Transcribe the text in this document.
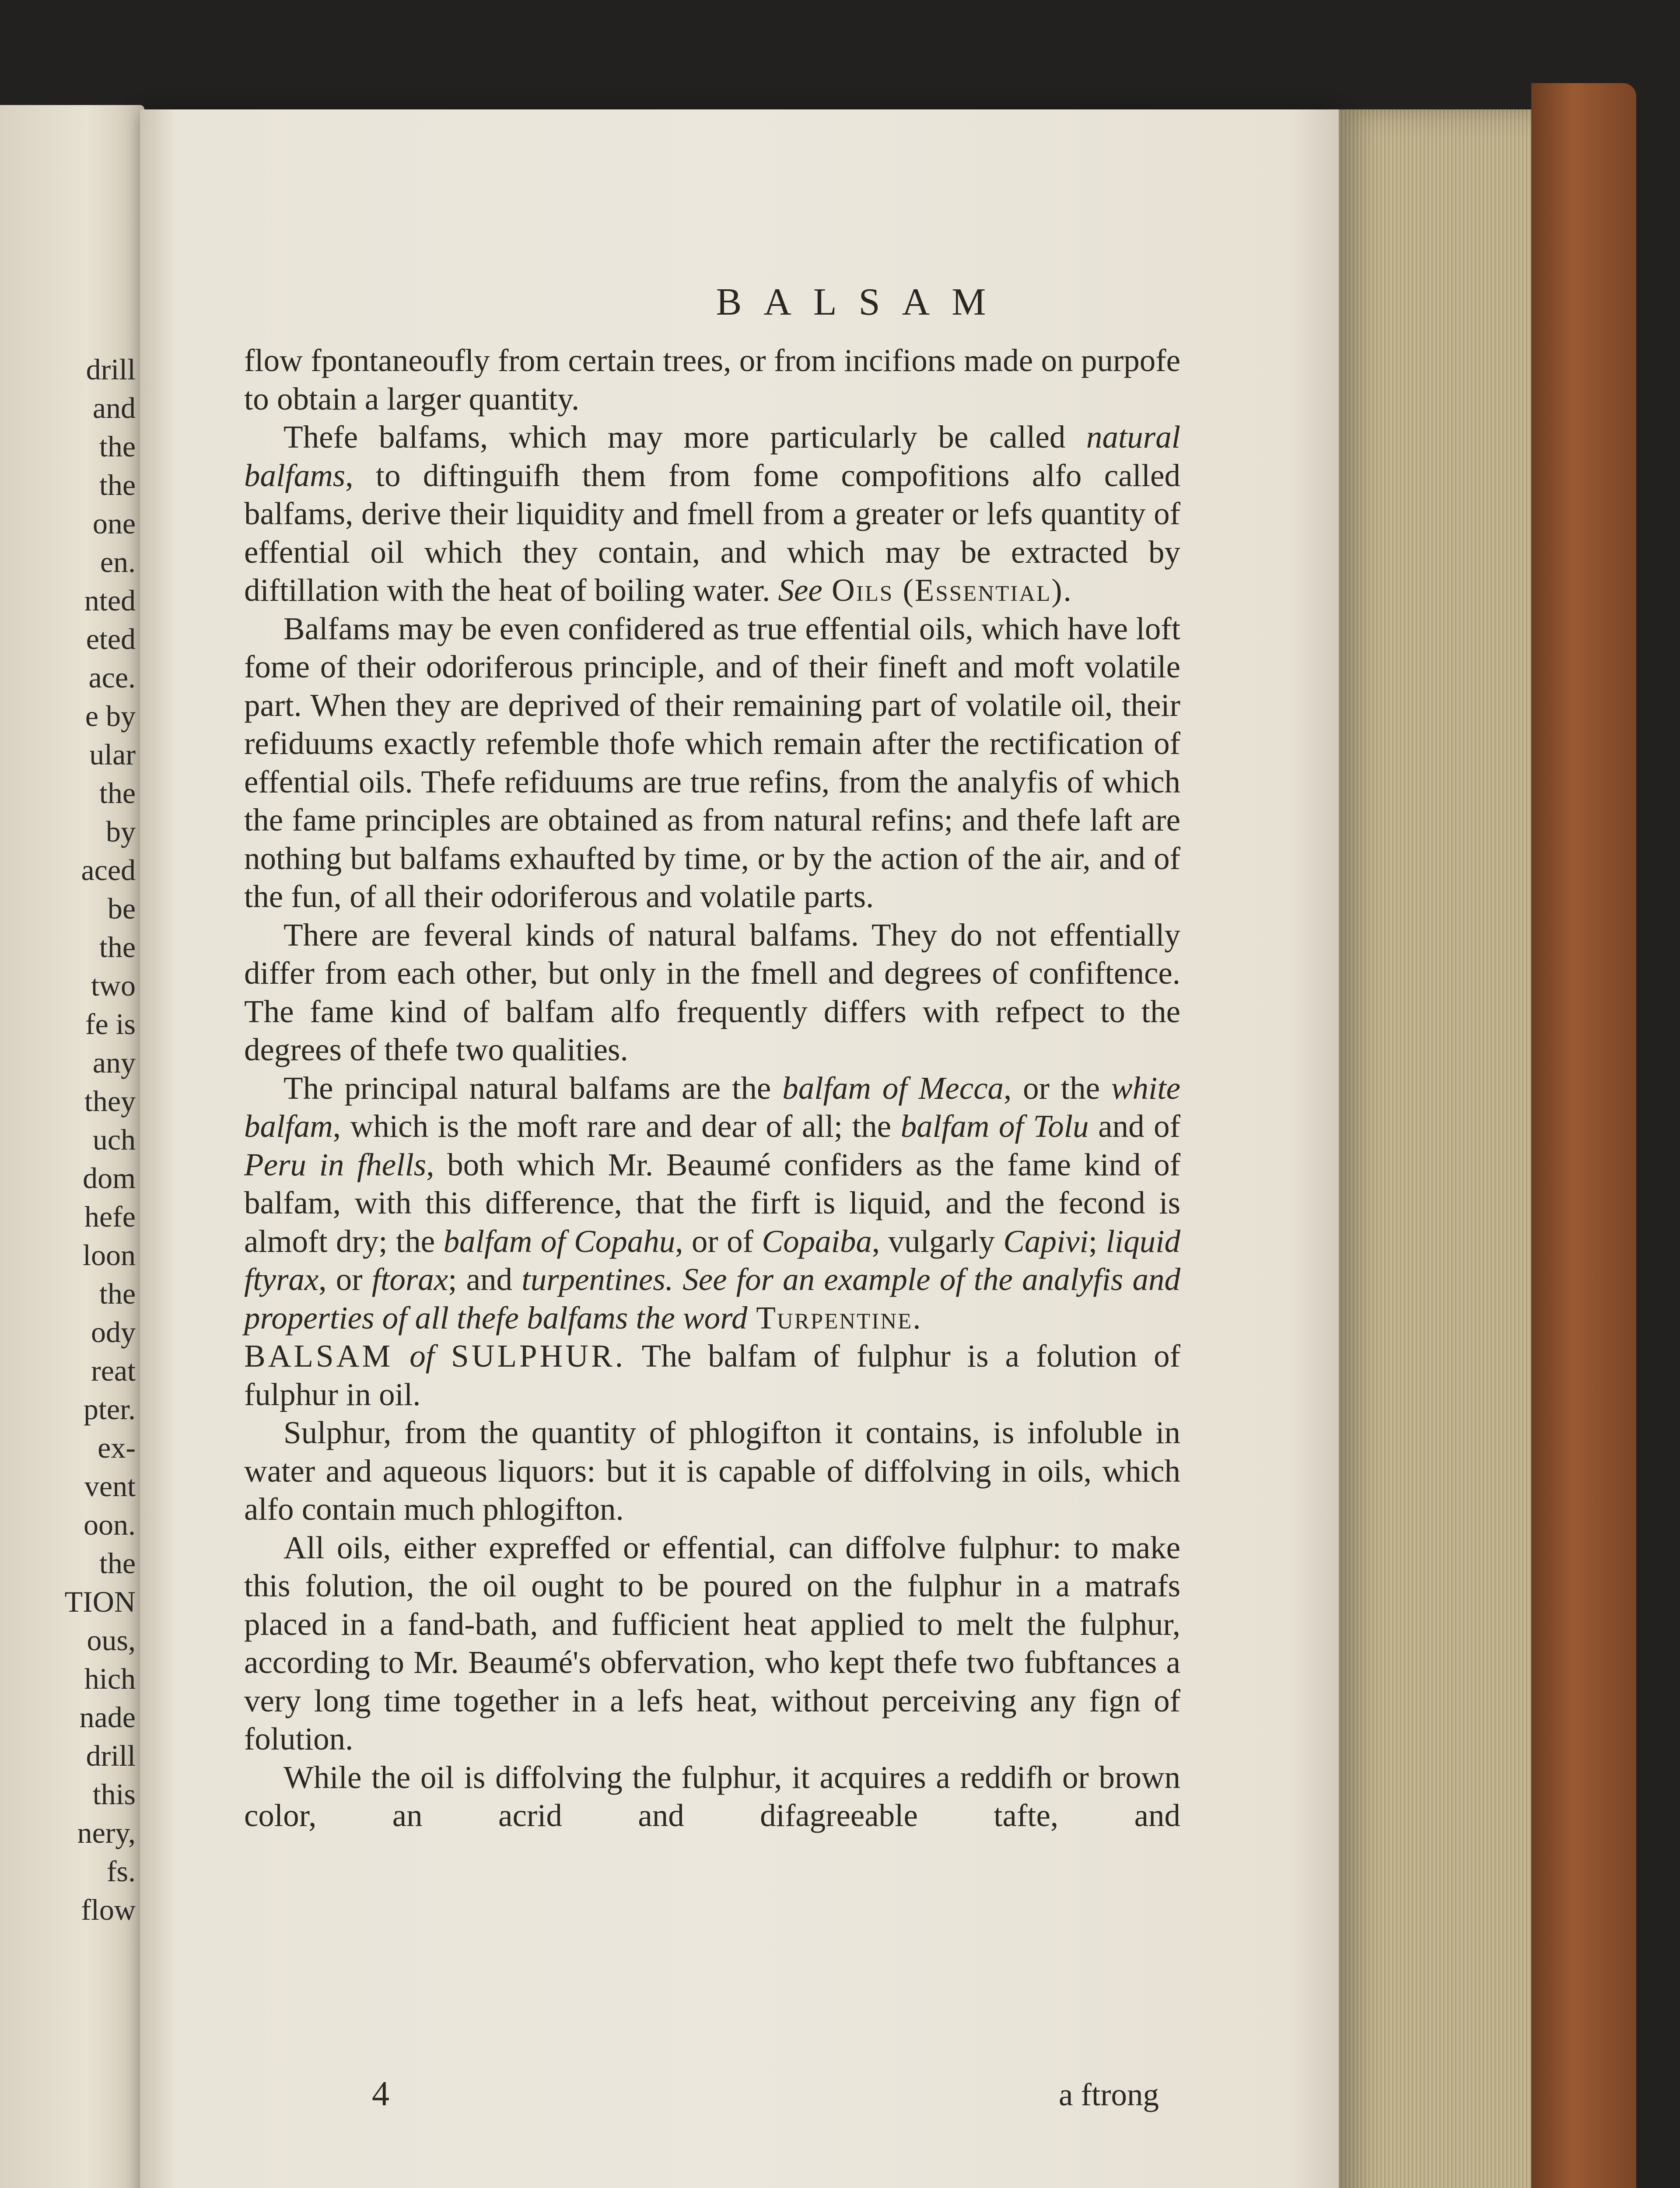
drill
and
the
the
one
en.
nted
eted
ace.
e by
ular
the
by
aced
be
the
two
fe is
any
they
uch
dom
hefe
loon
the
ody
reat
pter.
ex-
vent
oon.
the
TION
ous,
hich
nade
drill
this
nery,
fs.
flow
BALSAM

flow fpontaneoufly from certain trees, or from incifions made on purpofe to obtain a larger quantity.

Thefe balfams, which may more particularly be called natural balfams, to diftinguifh them from fome compofitions alfo called balfams, derive their liquidity and fmell from a greater or lefs quantity of effential oil which they contain, and which may be extracted by diftillation with the heat of boiling water. See Oils (Essential).

Balfams may be even confidered as true effential oils, which have loft fome of their odoriferous principle, and of their fineft and moft volatile part. When they are deprived of their remaining part of volatile oil, their refiduums exactly refemble thofe which remain after the rectification of effential oils. Thefe refiduums are true refins, from the analyfis of which the fame principles are obtained as from natural refins; and thefe laft are nothing but balfams exhaufted by time, or by the action of the air, and of the fun, of all their odoriferous and volatile parts.

There are feveral kinds of natural balfams. They do not effentially differ from each other, but only in the fmell and degrees of confiftence. The fame kind of balfam alfo frequently differs with refpect to the degrees of thefe two qualities.

The principal natural balfams are the balfam of Mecca, or the white balfam, which is the moft rare and dear of all; the balfam of Tolu and of Peru in fhells, both which Mr. Beaumé confiders as the fame kind of balfam, with this difference, that the firft is liquid, and the fecond is almoft dry; the balfam of Copahu, or of Copaiba, vulgarly Capivi; liquid ftyrax, or ftorax; and turpentines. See for an example of the analyfis and properties of all thefe balfams the word Turpentine.

BALSAM of SULPHUR. The balfam of fulphur is a folution of fulphur in oil.

Sulphur, from the quantity of phlogifton it contains, is infoluble in water and aqueous liquors: but it is capable of diffolving in oils, which alfo contain much phlogifton.

All oils, either expreffed or effential, can diffolve fulphur: to make this folution, the oil ought to be poured on the fulphur in a matrafs placed in a fand-bath, and fufficient heat applied to melt the fulphur, according to Mr. Beaumé's obfervation, who kept thefe two fubftances a very long time together in a lefs heat, without perceiving any fign of folution.

While the oil is diffolving the fulphur, it acquires a reddifh or brown color, an acrid and difagreeable tafte, and

4	a ftrong
